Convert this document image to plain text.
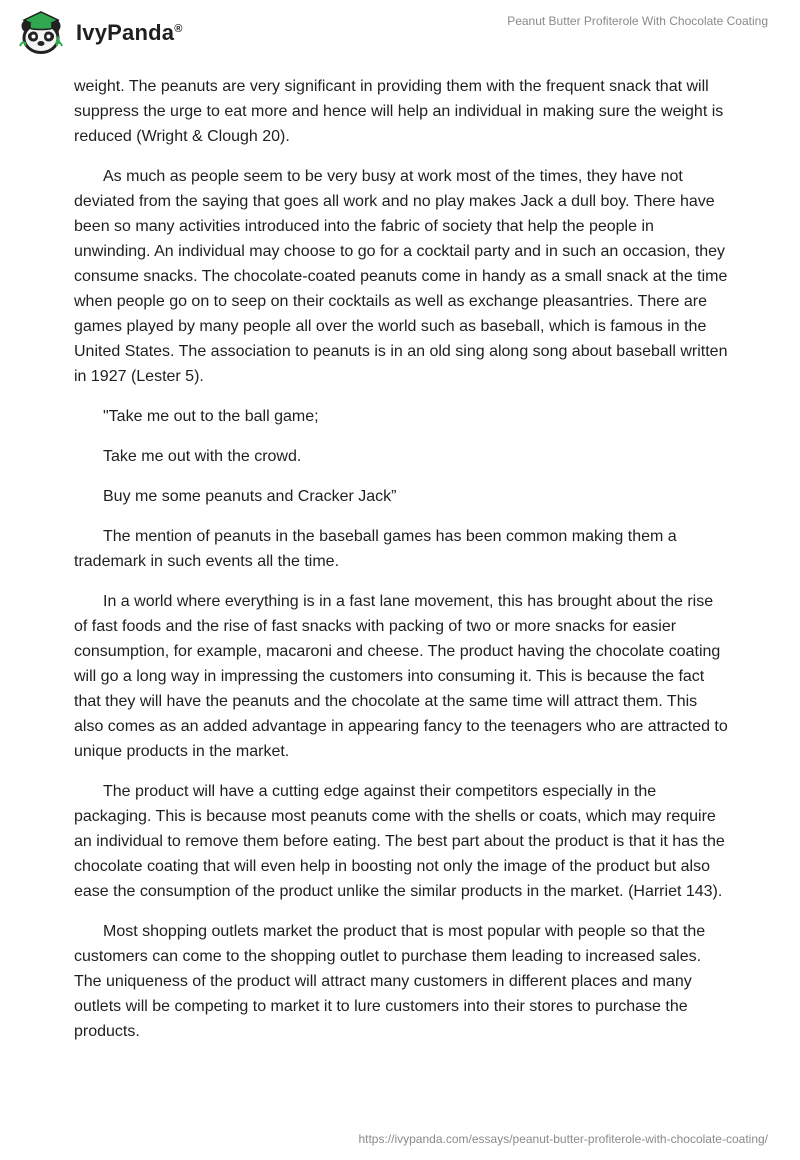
IvyPanda®
Peanut Butter Profiterole With Chocolate Coating

weight. The peanuts are very significant in providing them with the frequent snack that will suppress the urge to eat more and hence will help an individual in making sure the weight is reduced (Wright & Clough 20).

As much as people seem to be very busy at work most of the times, they have not deviated from the saying that goes all work and no play makes Jack a dull boy. There have been so many activities introduced into the fabric of society that help the people in unwinding. An individual may choose to go for a cocktail party and in such an occasion, they consume snacks. The chocolate-coated peanuts come in handy as a small snack at the time when people go on to seep on their cocktails as well as exchange pleasantries. There are games played by many people all over the world such as baseball, which is famous in the United States. The association to peanuts is in an old sing along song about baseball written in 1927 (Lester 5).

"Take me out to the ball game;

Take me out with the crowd.

Buy me some peanuts and Cracker Jack”

The mention of peanuts in the baseball games has been common making them a trademark in such events all the time.

In a world where everything is in a fast lane movement, this has brought about the rise of fast foods and the rise of fast snacks with packing of two or more snacks for easier consumption, for example, macaroni and cheese. The product having the chocolate coating will go a long way in impressing the customers into consuming it. This is because the fact that they will have the peanuts and the chocolate at the same time will attract them. This also comes as an added advantage in appearing fancy to the teenagers who are attracted to unique products in the market.

The product will have a cutting edge against their competitors especially in the packaging. This is because most peanuts come with the shells or coats, which may require an individual to remove them before eating. The best part about the product is that it has the chocolate coating that will even help in boosting not only the image of the product but also ease the consumption of the product unlike the similar products in the market. (Harriet 143).

Most shopping outlets market the product that is most popular with people so that the customers can come to the shopping outlet to purchase them leading to increased sales. The uniqueness of the product will attract many customers in different places and many outlets will be competing to market it to lure customers into their stores to purchase the products.

https://ivypanda.com/essays/peanut-butter-profiterole-with-chocolate-coating/
